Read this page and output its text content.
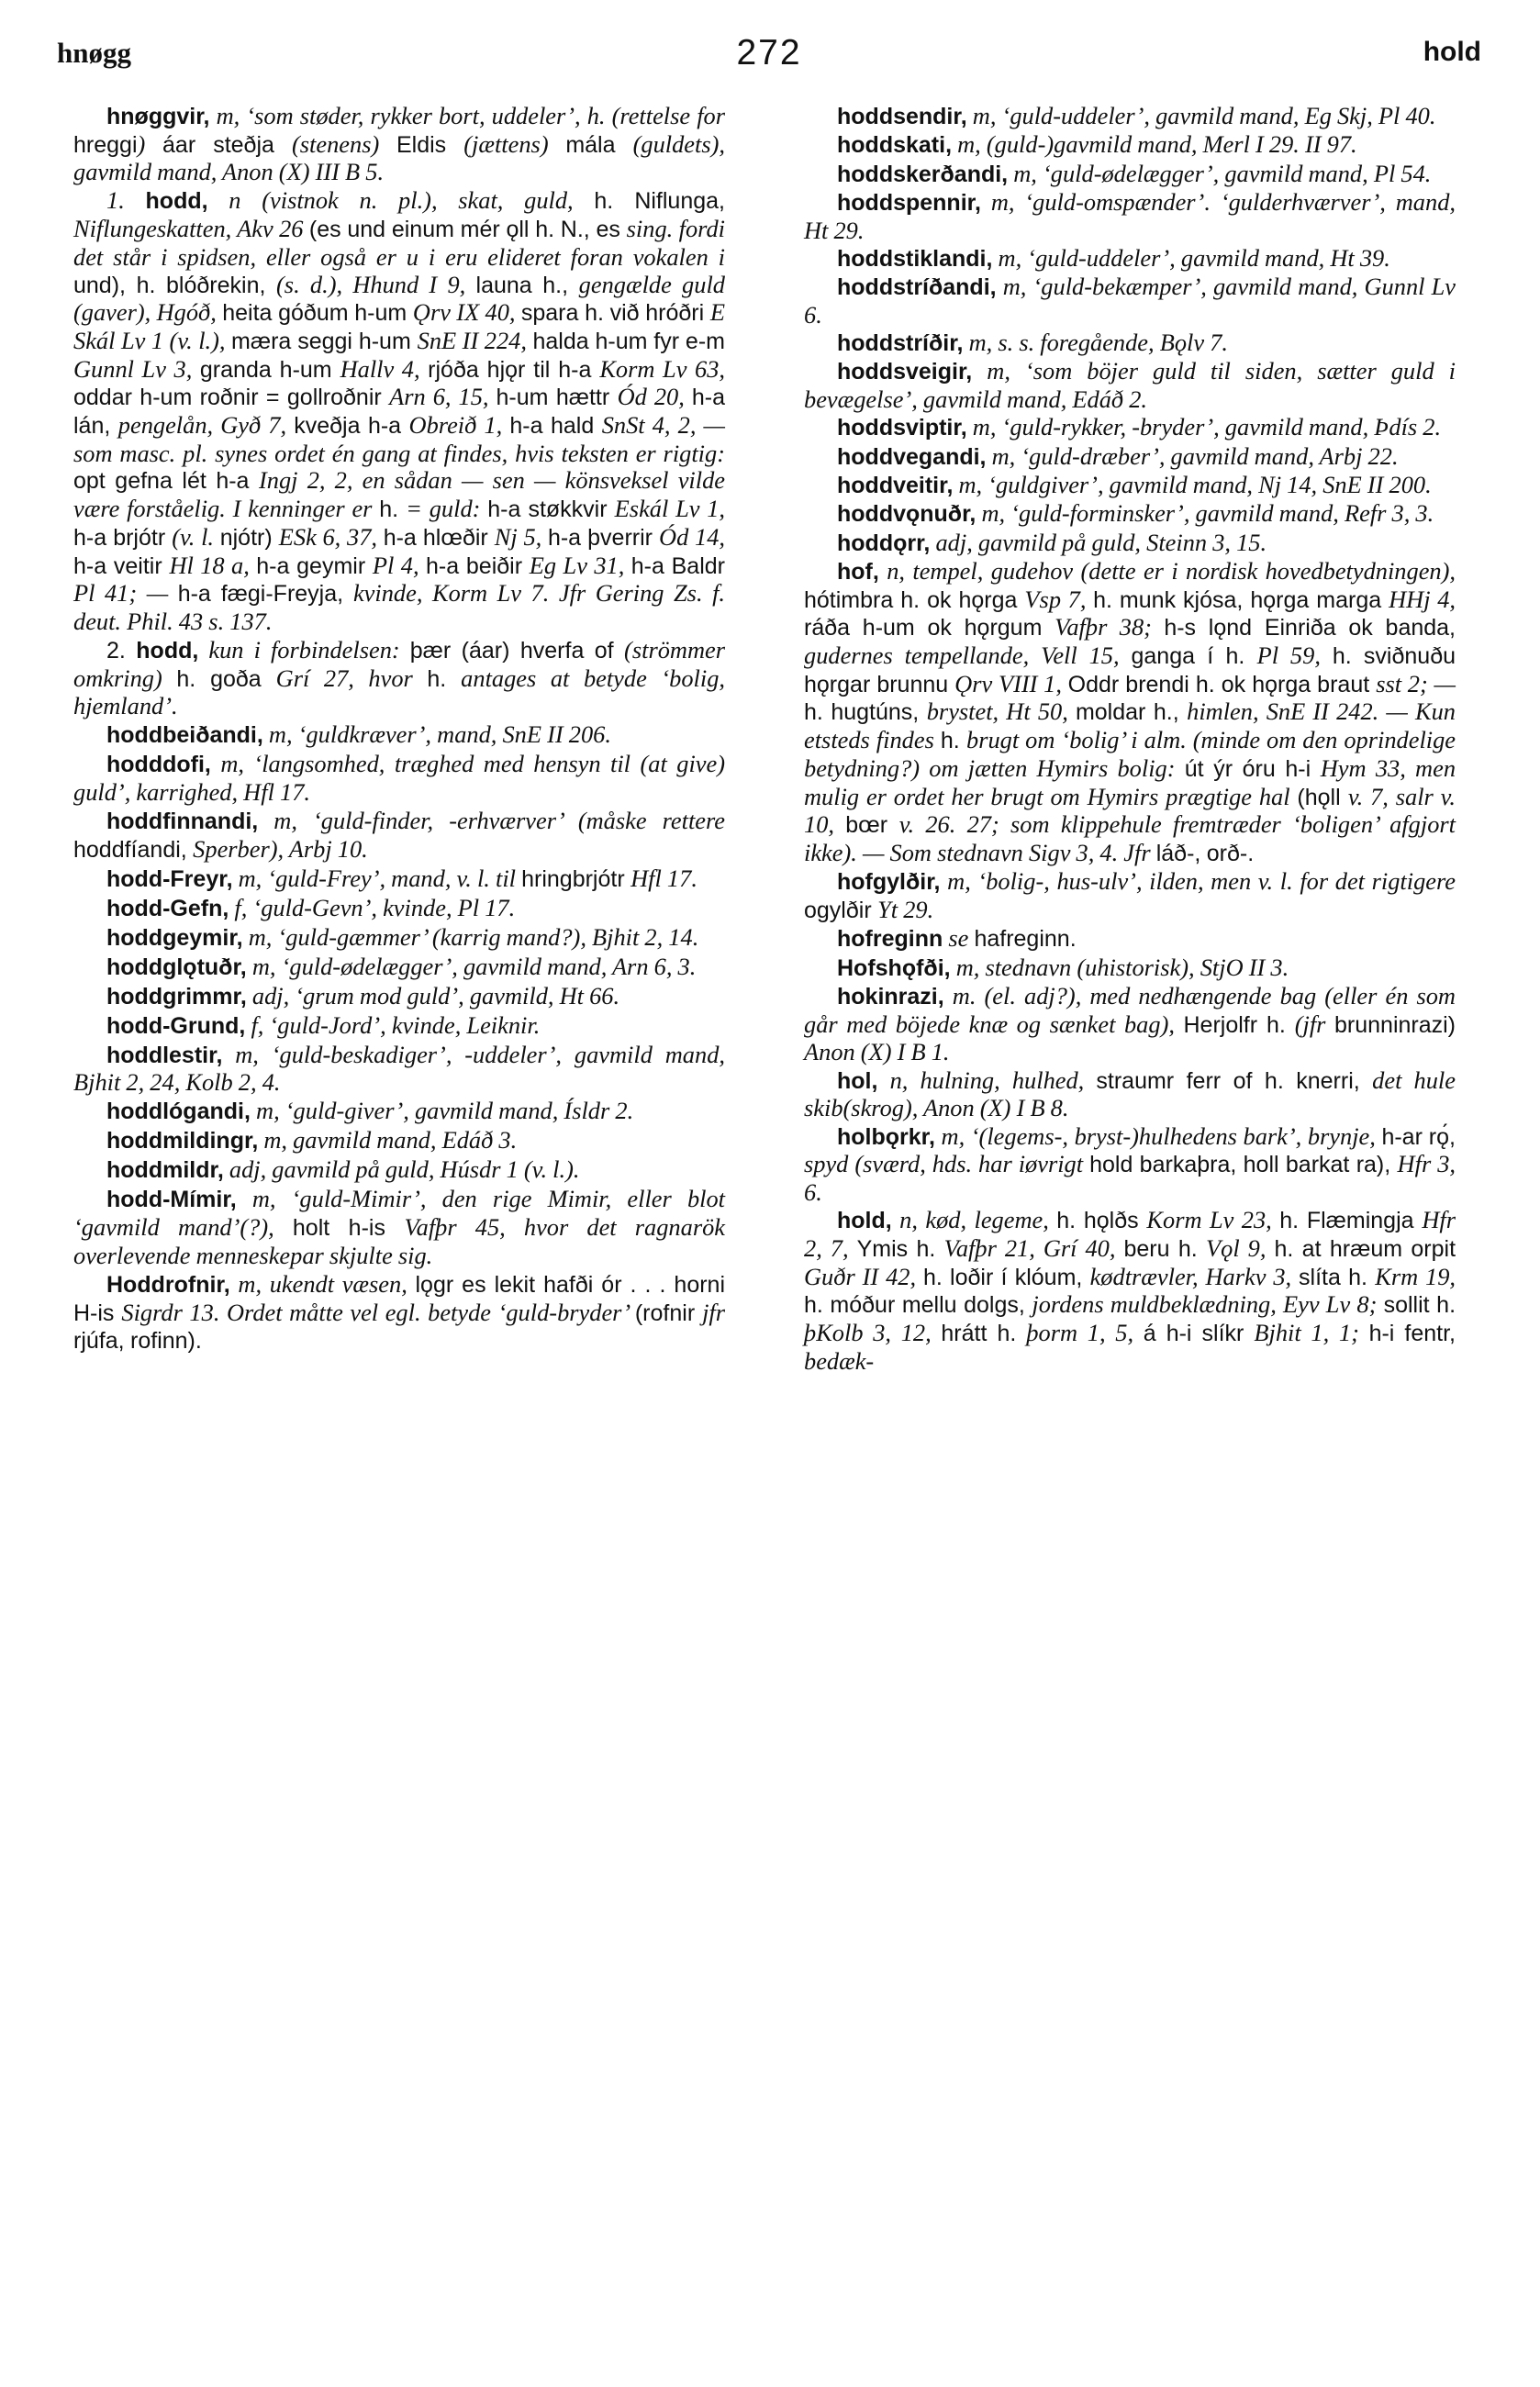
hnøgg	272	hold

hnøggvir, m, ‘som støder, rykker bort, uddeler’, h. (rettelse for hreggi) áar steðja (stenens) Eldis (jættens) mála (guldets), gavmild mand, Anon (X) III B 5.

1. hodd, n (vistnok n. pl.), skat, guld, h. Niflunga, Niflungeskatten, Akv 26 (es und einum mér ǫll h. N., es sing. fordi det står i spidsen, eller også er u i eru elideret foran vokalen i und), h. blóðrekin, (s. d.), Hhund I 9, launa h., gengælde guld (gaver), Hgóð, heita góðum h-um Ǫrv IX 40, spara h. við hróðri E Skál Lv 1 (v. l.), mæra seggi h-um SnE II 224, halda h-um fyr e-m Gunnl Lv 3, granda h-um Hallv 4, rjóða hjǫr til h-a Korm Lv 63, oddar h-um roðnir = gollroðnir Arn 6, 15, h-um hættr Ód 20, h-a lán, pengelån, Gyð 7, kveðja h-a Obreið 1, h-a hald SnSt 4, 2, — som masc. pl. synes ordet én gang at findes, hvis teksten er rigtig: opt gefna lét h-a Ingj 2, 2, en sådan — sen — könsveksel vilde være forståelig. I kenninger er h. = guld: h-a støkkvir Eskál Lv 1, h-a brjótr (v. l. njótr) ESk 6, 37, h-a hlœðir Nj 5, h-a þverrir Ód 14, h-a veitir Hl 18 a, h-a geymir Pl 4, h-a beiðir Eg Lv 31, h-a Baldr Pl 41; — h-a fægi-Freyja, kvinde, Korm Lv 7. Jfr Gering Zs. f. deut. Phil. 43 s. 137.

2. hodd, kun i forbindelsen: þær (áar) hverfa of (strömmer omkring) h. goða Grí 27, hvor h. antages at betyde ‘bolig, hjemland’.

hoddbeiðandi, m, ‘guldkræver’, mand, SnE II 206.

hodddofi, m, ‘langsomhed, træghed med hensyn til (at give) guld’, karrighed, Hfl 17.

hoddfinnandi, m, ‘guld-finder, -erhværver’ (måske rettere hoddfíandi, Sperber), Arbj 10.

hodd-Freyr, m, ‘guld-Frey’, mand, v. l. til hringbrjótr Hfl 17.

hodd-Gefn, f, ‘guld-Gevn’, kvinde, Pl 17.

hoddgeymir, m, ‘guld-gæmmer’ (karrig mand?), Bjhit 2, 14.

hoddglǫtuðr, m, ‘guld-ødelægger’, gavmild mand, Arn 6, 3.

hoddgrimmr, adj, ‘grum mod guld’, gavmild, Ht 66.

hodd-Grund, f, ‘guld-Jord’, kvinde, Leiknir.

hoddlestir, m, ‘guld-beskadiger’, -uddeler’, gavmild mand, Bjhit 2, 24, Kolb 2, 4.

hoddlógandi, m, ‘guld-giver’, gavmild mand, Ísldr 2.

hoddmildingr, m, gavmild mand, Edáð 3.

hoddmildr, adj, gavmild på guld, Húsdr 1 (v. l.).

hodd-Mímir, m, ‘guld-Mimir’, den rige Mimir, eller blot ‘gavmild mand’(?), holt h-is Vafþr 45, hvor det ragnarök overlevende menneskepar skjulte sig.

Hoddrofnir, m, ukendt væsen, lǫgr es lekit hafði ór . . . horni H-is Sigrdr 13. Ordet måtte vel egl. betyde ‘guld-bryder’ (rofnir jfr rjúfa, rofinn).

hoddsendir, m, ‘guld-uddeler’, gavmild mand, Eg Skj, Pl 40.

hoddskati, m, (guld-)gavmild mand, Merl I 29. II 97.

hoddskerðandi, m, ‘guld-ødelægger’, gavmild mand, Pl 54.

hoddspennir, m, ‘guld-omspænder’. ‘gulderhværver’, mand, Ht 29.

hoddstiklandi, m, ‘guld-uddeler’, gavmild mand, Ht 39.

hoddstríðandi, m, ‘guld-bekæmper’, gavmild mand, Gunnl Lv 6.

hoddstríðir, m, s. s. foregående, Bǫlv 7.

hoddsveigir, m, ‘som böjer guld til siden, sætter guld i bevægelse’, gavmild mand, Edáð 2.

hoddsviptir, m, ‘guld-rykker, -bryder’, gavmild mand, Þdís 2.

hoddvegandi, m, ‘guld-dræber’, gavmild mand, Arbj 22.

hoddveitir, m, ‘guldgiver’, gavmild mand, Nj 14, SnE II 200.

hoddvǫnuðr, m, ‘guld-forminsker’, gavmild mand, Refr 3, 3.

hoddǫrr, adj, gavmild på guld, Steinn 3, 15.

hof, n, tempel, gudehov (dette er i nordisk hovedbetydningen), hótimbra h. ok hǫrga Vsp 7, h. munk kjósa, hǫrga marga HHj 4, ráða h-um ok hǫrgum Vafþr 38; h-s lǫnd Einriða ok banda, gudernes tempellande, Vell 15, ganga í h. Pl 59, h. sviðnuðu hǫrgar brunnu Ǫrv VIII 1, Oddr brendi h. ok hǫrga braut sst 2; — h. hugtúns, brystet, Ht 50, moldar h., himlen, SnE II 242. — Kun etsteds findes h. brugt om ‘bolig’ i alm. (minde om den oprindelige betydning?) om jætten Hymirs bolig: út ýr óru h-i Hym 33, men mulig er ordet her brugt om Hymirs prægtige hal (hǫll v. 7, salr v. 10, bœr v. 26. 27; som klippehule fremtræder ‘boligen’ afgjort ikke). — Som stednavn Sigv 3, 4. Jfr láð-, orð-.

hofgylðir, m, ‘bolig-, hus-ulv’, ilden, men v. l. for det rigtigere ogylðir Yt 29.

hofreginn se hafreginn.

Hofshǫfði, m, stednavn (uhistorisk), StjO II 3.

hokinrazi, m. (el. adj?), med nedhængende bag (eller én som går med böjede knæ og sænket bag), Herjolfr h. (jfr brunninrazi) Anon (X) I B 1.

hol, n, hulning, hulhed, straumr ferr of h. knerri, det hule skib(skrog), Anon (X) I B 8.

holbǫrkr, m, ‘(legems-, bryst-)hulhedens bark’, brynje, h-ar rǫ́, spyd (sværd, hds. har iøvrigt hold barkaþra, holl barkat ra), Hfr 3, 6.

hold, n, kød, legeme, h. hǫlðs Korm Lv 23, h. Flæmingja Hfr 2, 7, Ymis h. Vafþr 21, Grí 40, beru h. Vǫl 9, h. at hræum orpit Guðr II 42, h. loðir í klóum, kødtrævler, Harkv 3, slíta h. Krm 19, h. móður mellu dolgs, jordens muldbeklædning, Eyv Lv 8; sollit h. þKolb 3, 12, hrátt h. þorm 1, 5, á h-i slíkr Bjhit 1, 1; h-i fentr, bedæk-
